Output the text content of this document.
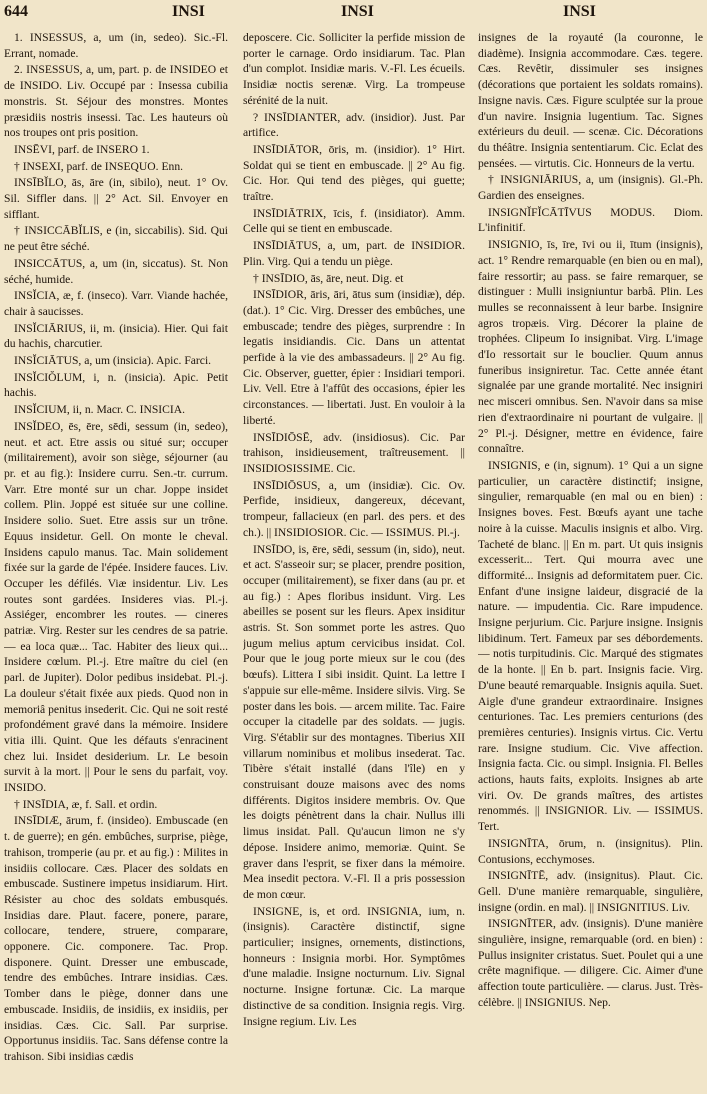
644	INSI	INSI	INSI

1. INSESSUS, a, um (in, sedeo). Sic.-Fl. Errant, nomade.

2. INSESSUS, a, um, part. p. de INSIDEO et de INSIDO. Liv. Occupé par : Insessa cubilia monstris. St. Séjour des monstres. Montes præsidiis nostris insessi. Tac. Les hauteurs où nos troupes ont pris position.

INSĒVI, parf. de INSERO 1.

† INSEXI, parf. de INSEQUO. Enn.

INSĪBĬLO, ās, āre (in, sibilo), neut. 1° Ov. Sil. Siffler dans. || 2° Act. Sil. Envoyer en sifflant.

† INSICCĀBĬLIS, e (in, siccabilis). Sid. Qui ne peut être séché.

INSICCĀTUS, a, um (in, siccatus). St. Non séché, humide.

INSĬCIA, æ, f. (inseco). Varr. Viande hachée, chair à saucisses.

INSĬCIĀRIUS, ii, m. (insicia). Hier. Qui fait du hachis, charcutier.

INSĬCIĀTUS, a, um (insicia). Apic. Farci.

INSĬCIŎLUM, i, n. (insicia). Apic. Petit hachis.

INSĬCIUM, ii, n. Macr. C. INSICIA.

INSĬDEO, ēs, ēre, sēdi, sessum (in, sedeo), neut. et act. Etre assis ou situé sur; occuper (militairement), avoir son siège, séjourner (au pr. et au fig.): Insidere curru. Sen.-tr. currum. Varr. Etre monté sur un char. Joppe insidet collem. Plin. Joppé est située sur une colline. Insidere solio. Suet. Etre assis sur un trône. Equus insidetur. Gell. On monte le cheval. Insidens capulo manus. Tac. Main solidement fixée sur la garde de l'épée. Insidere fauces. Liv. Occuper les défilés. Viæ insidentur. Liv. Les routes sont gardées. Insideres vias. Pl.-j. Assiéger, encombrer les routes. — cineres patriæ. Virg. Rester sur les cendres de sa patrie. — ea loca quæ... Tac. Habiter des lieux qui... Insidere cœlum. Pl.-j. Etre maître du ciel (en parl. de Jupiter). Dolor pedibus insidebat. Pl.-j. La douleur s'était fixée aux pieds. Quod non in memoriâ penitus insederit. Cic. Qui ne soit resté profondément gravé dans la mémoire. Insidere vitia illi. Quint. Que les défauts s'enracinent chez lui. Insidet desiderium. Lr. Le besoin survit à la mort. || Pour le sens du parfait, voy. INSIDO.

† INSĪDIA, æ, f. Sall. et ordin.

INSĪDIÆ, ārum, f. (insideo). Embuscade (en t. de guerre); en gén. embûches, surprise, piège, trahison, tromperie (au pr. et au fig.) : Milites in insidiis collocare. Cæs. Placer des soldats en embuscade. Sustinere impetus insidiarum. Hirt. Résister au choc des soldats embusqués. Insidias dare. Plaut. facere, ponere, parare, collocare, tendere, struere, comparare, opponere. Cic. componere. Tac. Prop. disponere. Quint. Dresser une embuscade, tendre des embûches. Intrare insidias. Cæs. Tomber dans le piège, donner dans une embuscade. Insidiis, de insidiis, ex insidiis, per insidias. Cæs. Cic. Sall. Par surprise. Opportunus insidiis. Tac. Sans défense contre la trahison. Sibi insidias cædis

deposcere. Cic. Solliciter la perfide mission de porter le carnage. Ordo insidiarum. Tac. Plan d'un complot. Insidiæ maris. V.-Fl. Les écueils. Insidiæ noctis serenæ. Virg. La trompeuse sérénité de la nuit.

? INSĪDIANTER, adv. (insidior). Just. Par artifice.

INSĪDIĀTOR, ōris, m. (insidior). 1° Hirt. Soldat qui se tient en embuscade. || 2° Au fig. Cic. Hor. Qui tend des pièges, qui guette; traître.

INSĪDIĀTRIX, īcis, f. (insidiator). Amm. Celle qui se tient en embuscade.

INSĪDIĀTUS, a, um, part. de INSIDIOR. Plin. Virg. Qui a tendu un piège.

† INSĪDIO, ās, āre, neut. Dig. et

INSĪDIOR, āris, āri, ātus sum (insidiæ), dép. (dat.). 1° Cic. Virg. Dresser des embûches, une embuscade; tendre des pièges, surprendre : In legatis insidiandis. Cic. Dans un attentat perfide à la vie des ambassadeurs. || 2° Au fig. Cic. Observer, guetter, épier : Insidiari tempori. Liv. Vell. Etre à l'affût des occasions, épier les circonstances. — libertati. Just. En vouloir à la liberté.

INSĪDIŌSĒ, adv. (insidiosus). Cic. Par trahison, insidieusement, traîtreusement. || INSIDIOSISSIME. Cic.

INSĪDIŌSUS, a, um (insidiæ). Cic. Ov. Perfide, insidieux, dangereux, décevant, trompeur, fallacieux (en parl. des pers. et des ch.). || INSIDIOSIOR. Cic. — ISSIMUS. Pl.-j.

INSĪDO, is, ēre, sēdi, sessum (in, sido), neut. et act. S'asseoir sur; se placer, prendre position, occuper (militairement), se fixer dans (au pr. et au fig.) : Apes floribus insidunt. Virg. Les abeilles se posent sur les fleurs. Apex insiditur astris. St. Son sommet porte les astres. Quo jugum melius aptum cervicibus insidat. Col. Pour que le joug porte mieux sur le cou (des bœufs). Littera I sibi insidit. Quint. La lettre I s'appuie sur elle-même. Insidere silvis. Virg. Se poster dans les bois. — arcem milite. Tac. Faire occuper la citadelle par des soldats. — jugis. Virg. S'établir sur des montagnes. Tiberius XII villarum nominibus et molibus insederat. Tac. Tibère s'était installé (dans l'île) en y construisant douze maisons avec des noms différents. Digitos insidere membris. Ov. Que les doigts pénètrent dans la chair. Nullus illi limus insidat. Pall. Qu'aucun limon ne s'y dépose. Insidere animo, memoriæ. Quint. Se graver dans l'esprit, se fixer dans la mémoire. Mea insedit pectora. V.-Fl. Il a pris possession de mon cœur.

INSIGNE, is, et ord. INSIGNIA, ium, n. (insignis). Caractère distinctif, signe particulier; insignes, ornements, distinctions, honneurs : Insignia morbi. Hor. Symptômes d'une maladie. Insigne nocturnum. Liv. Signal nocturne. Insigne fortunæ. Cic. La marque distinctive de sa condition. Insignia regis. Virg. Insigne regium. Liv. Les

insignes de la royauté (la couronne, le diadème). Insignia accommodare. Cæs. tegere. Cæs. Revêtir, dissimuler ses insignes (décorations que portaient les soldats romains). Insigne navis. Cæs. Figure sculptée sur la proue d'un navire. Insignia lugentium. Tac. Signes extérieurs du deuil. — scenæ. Cic. Décorations du théâtre. Insignia sententiarum. Cic. Eclat des pensées. — virtutis. Cic. Honneurs de la vertu.

† INSIGNIĀRIUS, a, um (insignis). Gl.-Ph. Gardien des enseignes.

INSIGNĬFĬCĀTĪVUS MODUS. Diom. L'infinitif.

INSIGNIO, īs, īre, īvi ou ii, ītum (insignis), act. 1° Rendre remarquable (en bien ou en mal), faire ressortir; au pass. se faire remarquer, se distinguer : Mulli insigniuntur barbâ. Plin. Les mulles se reconnaissent à leur barbe. Insignire agros tropæis. Virg. Décorer la plaine de trophées. Clipeum Io insignibat. Virg. L'image d'Io ressortait sur le bouclier. Quum annus funeribus insigniretur. Tac. Cette année étant signalée par une grande mortalité. Nec insigniri nec misceri omnibus. Sen. N'avoir dans sa mise rien d'extraordinaire ni pourtant de vulgaire. || 2° Pl.-j. Désigner, mettre en évidence, faire connaître.

INSIGNIS, e (in, signum). 1° Qui a un signe particulier, un caractère distinctif; insigne, singulier, remarquable (en mal ou en bien) : Insignes boves. Fest. Bœufs ayant une tache noire à la cuisse. Maculis insignis et albo. Virg. Tacheté de blanc. || En m. part. Ut quis insignis excesserit... Tert. Qui mourra avec une difformité... Insignis ad deformitatem puer. Cic. Enfant d'une insigne laideur, disgracié de la nature. — impudentia. Cic. Rare impudence. Insigne perjurium. Cic. Parjure insigne. Insignis libidinum. Tert. Fameux par ses débordements. — notis turpitudinis. Cic. Marqué des stigmates de la honte. || En b. part. Insignis facie. Virg. D'une beauté remarquable. Insignis aquila. Suet. Aigle d'une grandeur extraordinaire. Insignes centuriones. Tac. Les premiers centurions (des premières centuries). Insignis virtus. Cic. Vertu rare. Insigne studium. Cic. Vive affection. Insignia facta. Cic. ou simpl. Insignia. Fl. Belles actions, hauts faits, exploits. Insignes ab arte viri. Ov. De grands maîtres, des artistes renommés. || INSIGNIOR. Liv. — ISSIMUS. Tert.

INSIGNĪTA, ōrum, n. (insignitus). Plin. Contusions, ecchymoses.

INSIGNĪTĒ, adv. (insignitus). Plaut. Cic. Gell. D'une manière remarquable, singulière, insigne (ordin. en mal). || INSIGNITIUS. Liv.

INSIGNĪTER, adv. (insignis). D'une manière singulière, insigne, remarquable (ord. en bien) : Pullus insigniter cristatus. Suet. Poulet qui a une crête magnifique. — diligere. Cic. Aimer d'une affection toute particulière. — clarus. Just. Très-célèbre. || INSIGNIUS. Nep.
